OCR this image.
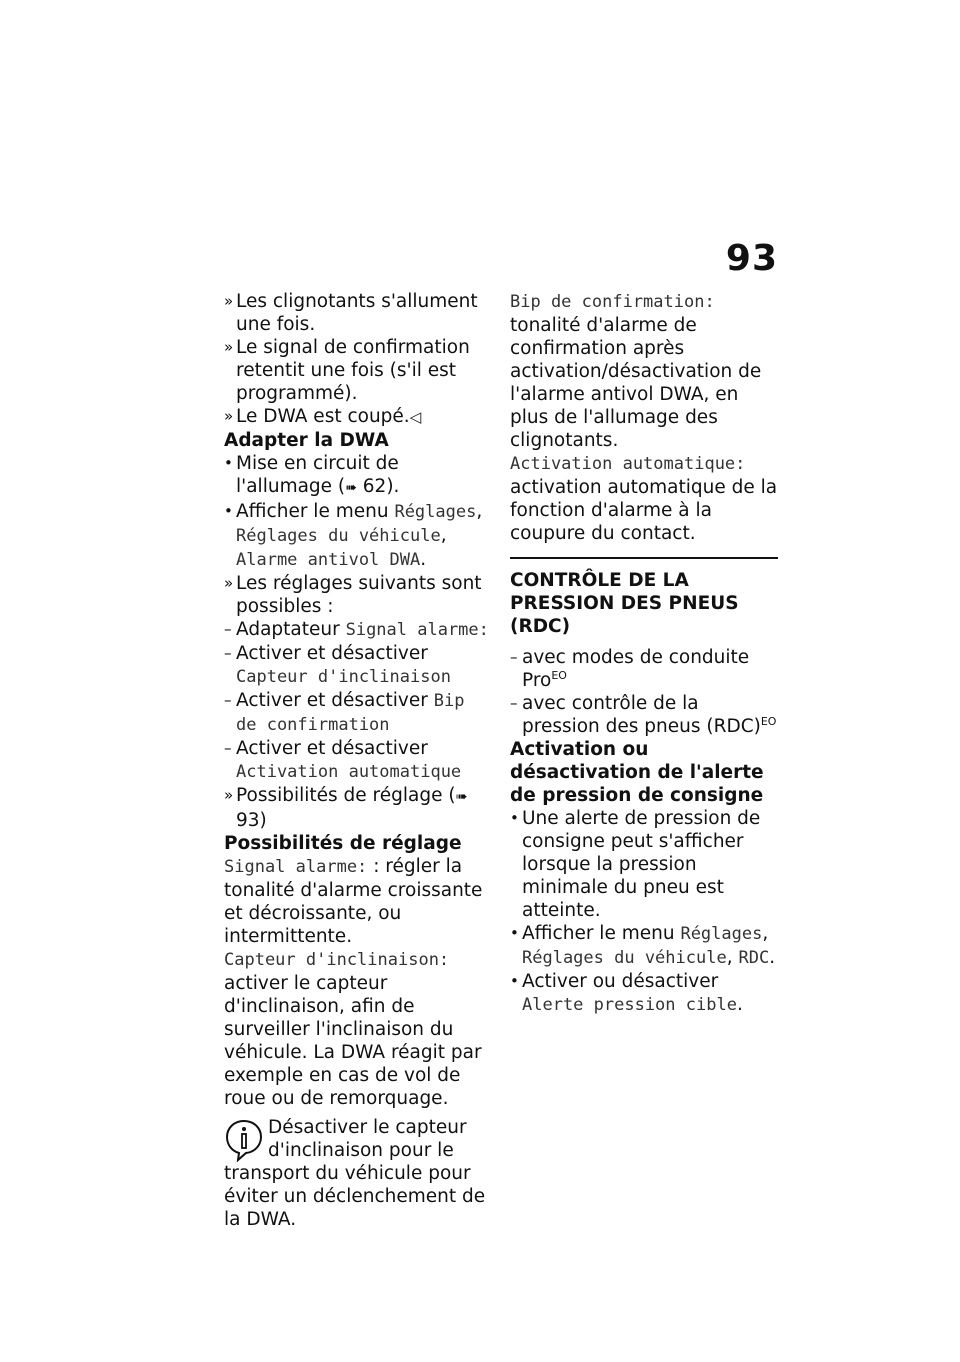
93

» Les clignotants s'allument une fois.
» Le signal de confirmation retentit une fois (s'il est programmé).
» Le DWA est coupé.◁

Adapter la DWA

• Mise en circuit de l'allumage (➠ 62).
• Afficher le menu Réglages, Réglages du véhicule, Alarme antivol DWA.
» Les réglages suivants sont possibles :
– Adaptateur Signal alarme:
– Activer et désactiver Capteur d'inclinaison
– Activer et désactiver Bip de confirmation
– Activer et désactiver Activation automatique
» Possibilités de réglage (➠ 93)

Possibilités de réglage

Signal alarme: : régler la tonalité d'alarme croissante et décroissante, ou intermittente.

Capteur d'inclinaison:
activer le capteur d'inclinaison, afin de surveiller l'inclinaison du véhicule. La DWA réagit par exemple en cas de vol de roue ou de remorquage.

Désactiver le capteur d'inclinaison pour le transport du véhicule pour éviter un déclenchement de la DWA.

Bip de confirmation: tonalité d'alarme de confirmation après activation/désactivation de l'alarme antivol DWA, en plus de l'allumage des clignotants.

Activation automatique:
activation automatique de la fonction d'alarme à la coupure du contact.

CONTRÔLE DE LA PRESSION DES PNEUS (RDC)

– avec modes de conduite Pro$^{EO}$
– avec contrôle de la pression des pneus (RDC)$^{EO}$

Activation ou désactivation de l'alerte de pression de consigne

• Une alerte de pression de consigne peut s'afficher lorsque la pression minimale du pneu est atteinte.
• Afficher le menu Réglages, Réglages du véhicule, RDC.
• Activer ou désactiver Alerte pression cible.
